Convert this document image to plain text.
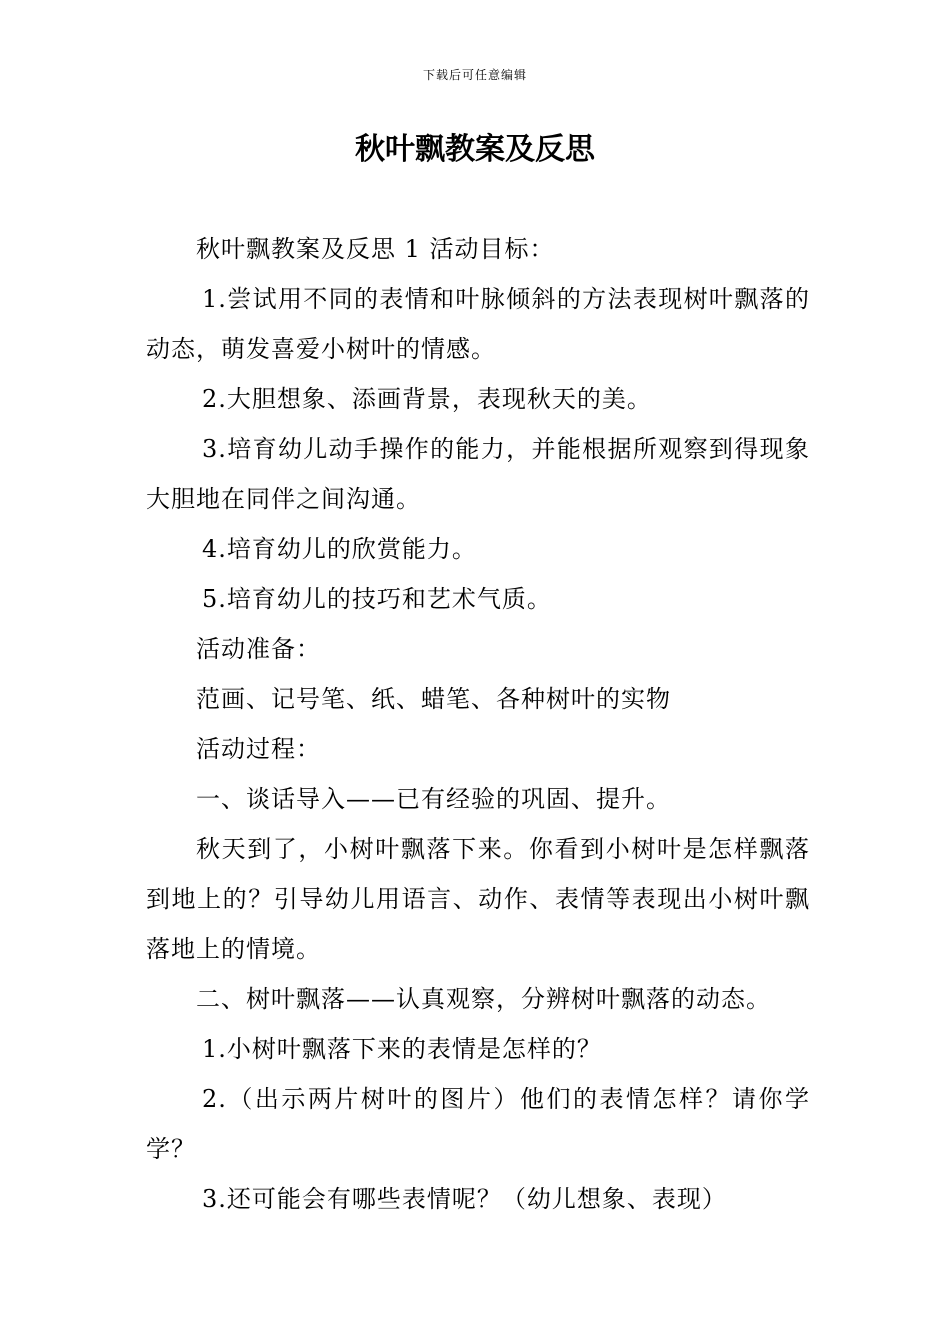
下载后可任意编辑
秋叶飘教案及反思

秋叶飘教案及反思 1 活动目标：

1.尝试用不同的表情和叶脉倾斜的方法表现树叶飘落的动态，萌发喜爱小树叶的情感。

2.大胆想象、添画背景，表现秋天的美。

3.培育幼儿动手操作的能力，并能根据所观察到得现象大胆地在同伴之间沟通。

4.培育幼儿的欣赏能力。

5.培育幼儿的技巧和艺术气质。

活动准备：

范画、记号笔、纸、蜡笔、各种树叶的实物

活动过程：

一、谈话导入——已有经验的巩固、提升。

秋天到了，小树叶飘落下来。你看到小树叶是怎样飘落到地上的？引导幼儿用语言、动作、表情等表现出小树叶飘落地上的情境。

二、树叶飘落——认真观察，分辨树叶飘落的动态。

1.小树叶飘落下来的表情是怎样的？

2.（出示两片树叶的图片）他们的表情怎样？请你学学？

3.还可能会有哪些表情呢？（幼儿想象、表现）
